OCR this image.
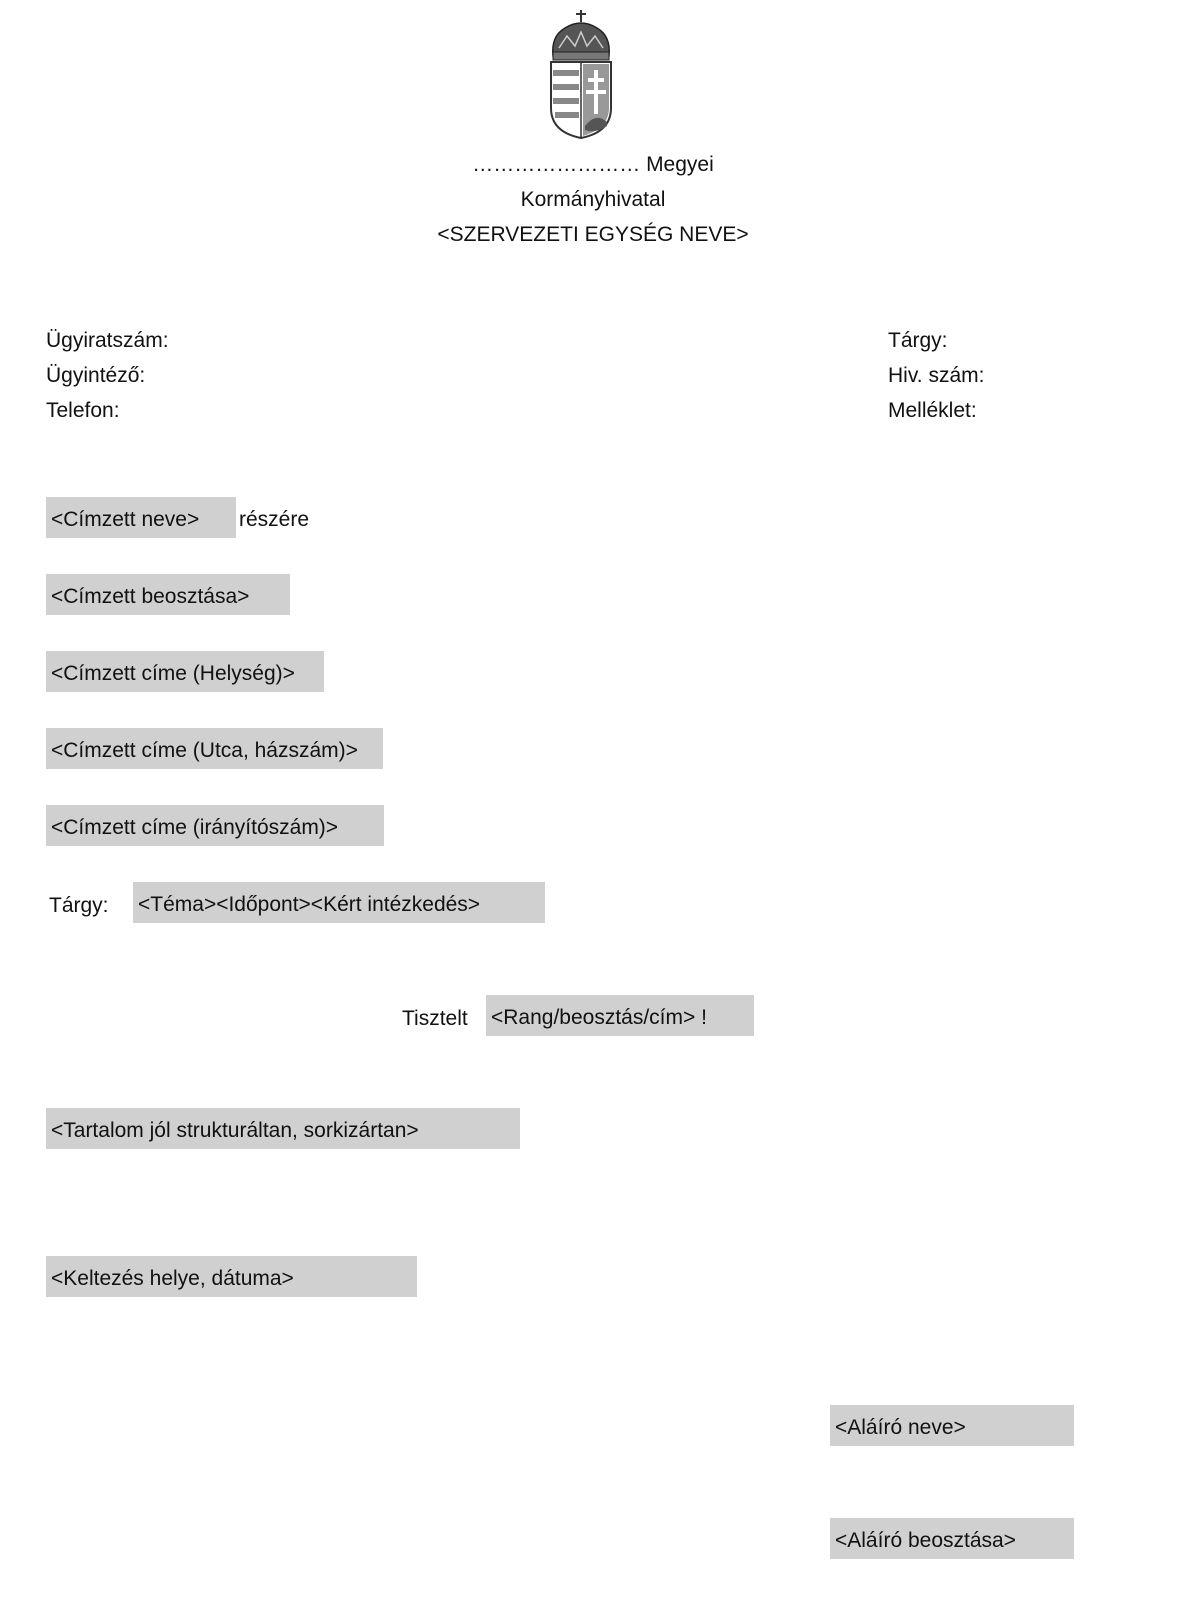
…………………… Megyei
Kormányhivatal
<SZERVEZETI EGYSÉG NEVE>
Ügyiratszám:
Ügyintéző:
Telefon:
Tárgy:
Hiv. szám:
Melléklet:
<Címzett neve>	részére
<Címzett beosztása>
<Címzett címe (Helység)>
<Címzett címe (Utca, házszám)>
<Címzett címe (irányítószám)>
Tárgy: <Téma><Időpont><Kért intézkedés>
Tisztelt <Rang/beosztás/cím> !
<Tartalom jól strukturáltan, sorkizártan>
<Keltezés helye, dátuma>
<Aláíró neve>
<Aláíró beosztása>
